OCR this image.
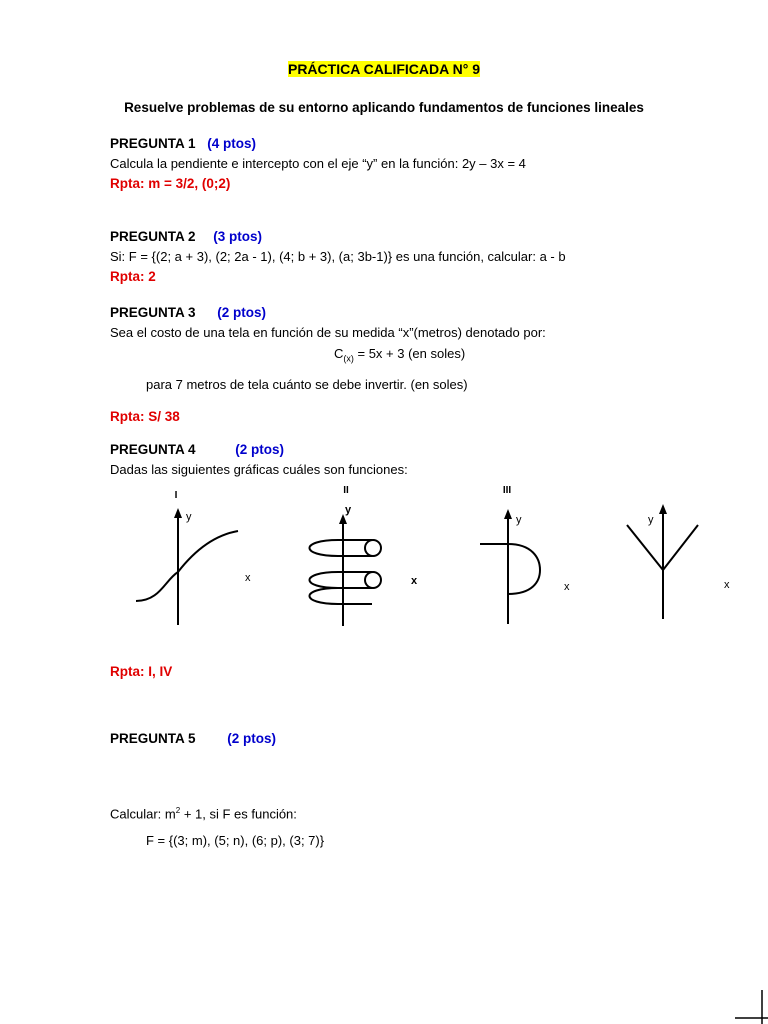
PRÁCTICA CALIFICADA N° 9
Resuelve problemas de su entorno aplicando fundamentos de funciones lineales
PREGUNTA 1 (4 ptos)
Calcula la pendiente e intercepto con el eje “y” en la función: 2y – 3x = 4
Rpta: m = 3/2, (0;2)
PREGUNTA 2 (3 ptos)
Si: F = {(2; a + 3), (2; 2a - 1), (4; b + 3), (a; 3b-1)} es una función, calcular: a - b
Rpta: 2
PREGUNTA 3 (2 ptos)
Sea el costo de una tela en función de su medida “x”(metros) denotado por:
$C_{(x)} = 5x + 3$ (en soles)
para 7 metros de tela cuánto se debe invertir. (en soles)
Rpta: S/ 38
PREGUNTA 4	(2 ptos)
Dadas las siguientes gráficas cuáles son funciones:
I	II	III
y
x
y
x
y
x
y
x
Rpta: I, IV
PREGUNTA 5 (2 ptos)
Calcular: $m^2 + 1$, si F es función:
F = {(3; m), (5; n), (6; p), (3; 7)}
